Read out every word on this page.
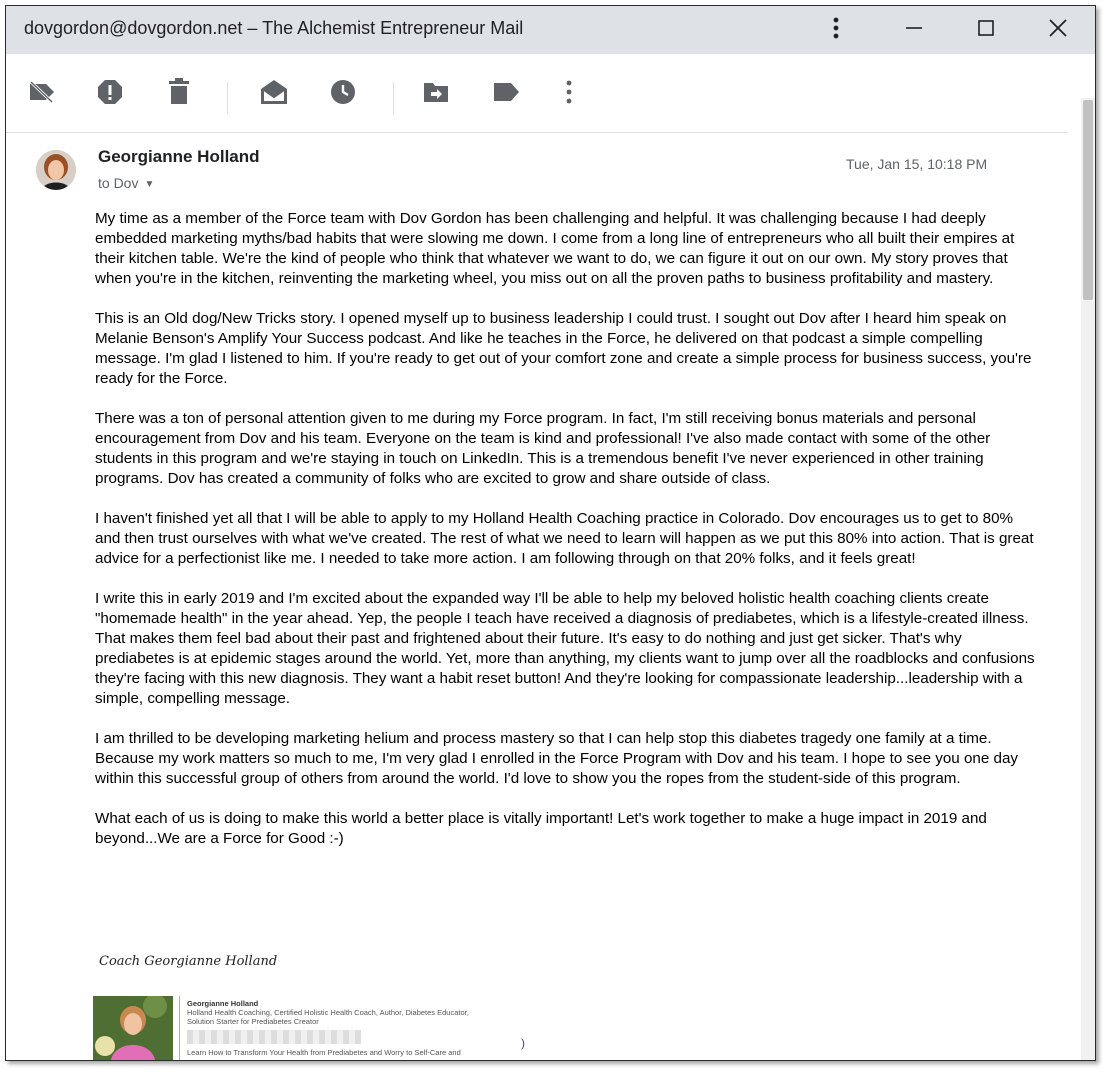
dovgordon@dovgordon.net – The Alchemist Entrepreneur Mail
Georgianne Holland
to Dov ▼
Tue, Jan 15, 10:18 PM

My time as a member of the Force team with Dov Gordon has been challenging and helpful. It was challenging because I had deeply embedded marketing myths/bad habits that were slowing me down. I come from a long line of entrepreneurs who all built their empires at their kitchen table. We're the kind of people who think that whatever we want to do, we can figure it out on our own. My story proves that when you're in the kitchen, reinventing the marketing wheel, you miss out on all the proven paths to business profitability and mastery.

This is an Old dog/New Tricks story. I opened myself up to business leadership I could trust. I sought out Dov after I heard him speak on Melanie Benson's Amplify Your Success podcast. And like he teaches in the Force, he delivered on that podcast a simple compelling message. I'm glad I listened to him. If you're ready to get out of your comfort zone and create a simple process for business success, you're ready for the Force.

There was a ton of personal attention given to me during my Force program. In fact, I'm still receiving bonus materials and personal encouragement from Dov and his team. Everyone on the team is kind and professional! I've also made contact with some of the other students in this program and we're staying in touch on LinkedIn. This is a tremendous benefit I've never experienced in other training programs. Dov has created a community of folks who are excited to grow and share outside of class.

I haven't finished yet all that I will be able to apply to my Holland Health Coaching practice in Colorado. Dov encourages us to get to 80% and then trust ourselves with what we've created. The rest of what we need to learn will happen as we put this 80% into action. That is great advice for a perfectionist like me. I needed to take more action. I am following through on that 20% folks, and it feels great!

I write this in early 2019 and I'm excited about the expanded way I'll be able to help my beloved holistic health coaching clients create "homemade health" in the year ahead. Yep, the people I teach have received a diagnosis of prediabetes, which is a lifestyle-created illness. That makes them feel bad about their past and frightened about their future. It's easy to do nothing and just get sicker. That's why prediabetes is at epidemic stages around the world. Yet, more than anything, my clients want to jump over all the roadblocks and confusions they're facing with this new diagnosis. They want a habit reset button! And they're looking for compassionate leadership...leadership with a simple, compelling message.

I am thrilled to be developing marketing helium and process mastery so that I can help stop this diabetes tragedy one family at a time. Because my work matters so much to me, I'm very glad I enrolled in the Force Program with Dov and his team. I hope to see you one day within this successful group of others from around the world. I'd love to show you the ropes from the student-side of this program.

What each of us is doing to make this world a better place is vitally important! Let's work together to make a huge impact in 2019 and beyond...We are a Force for Good :-)

Coach Georgianne Holland
Georgianne Holland
Holland Health Coaching, Certified Holistic Health Coach, Author, Diabetes Educator,
Solution Starter for Prediabetes Creator
Learn How to Transform Your Health from Prediabetes and Worry to Self-Care and
)
